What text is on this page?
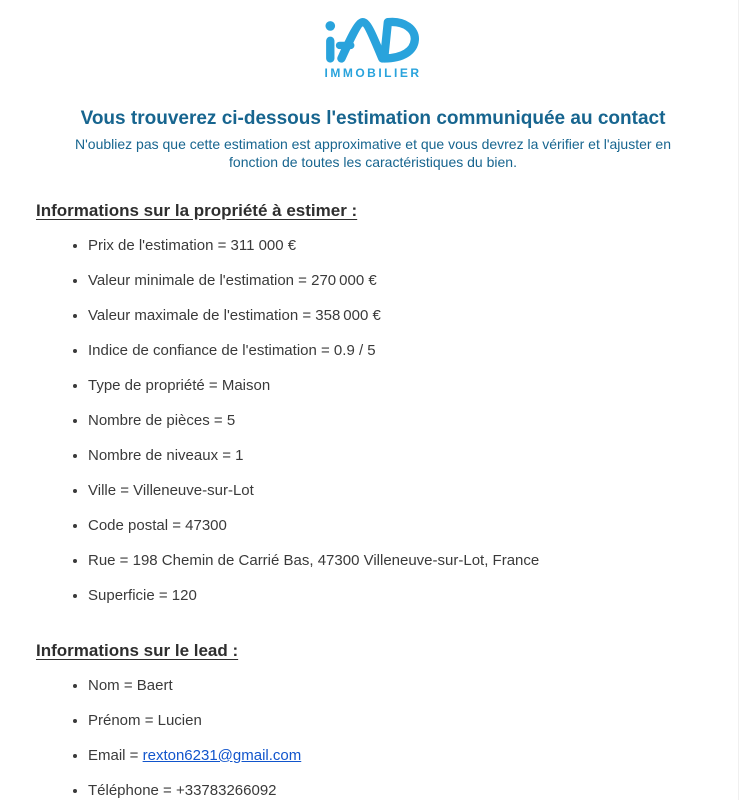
IMMOBILIER
Vous trouverez ci-dessous l'estimation communiquée au contact

N'oubliez pas que cette estimation est approximative et que vous devrez la vérifier et l'ajuster en fonction de toutes les caractéristiques du bien.

Informations sur la propriété à estimer :
• Prix de l'estimation = 311 000 €
• Valeur minimale de l'estimation = 270 000 €
• Valeur maximale de l'estimation = 358 000 €
• Indice de confiance de l'estimation = 0.9 / 5
• Type de propriété = Maison
• Nombre de pièces = 5
• Nombre de niveaux = 1
• Ville = Villeneuve-sur-Lot
• Code postal = 47300
• Rue = 198 Chemin de Carrié Bas, 47300 Villeneuve-sur-Lot, France
• Superficie = 120
Informations sur le lead :
• Nom = Baert
• Prénom = Lucien
• Email = rexton6231@gmail.com
• Téléphone = +33783266092
